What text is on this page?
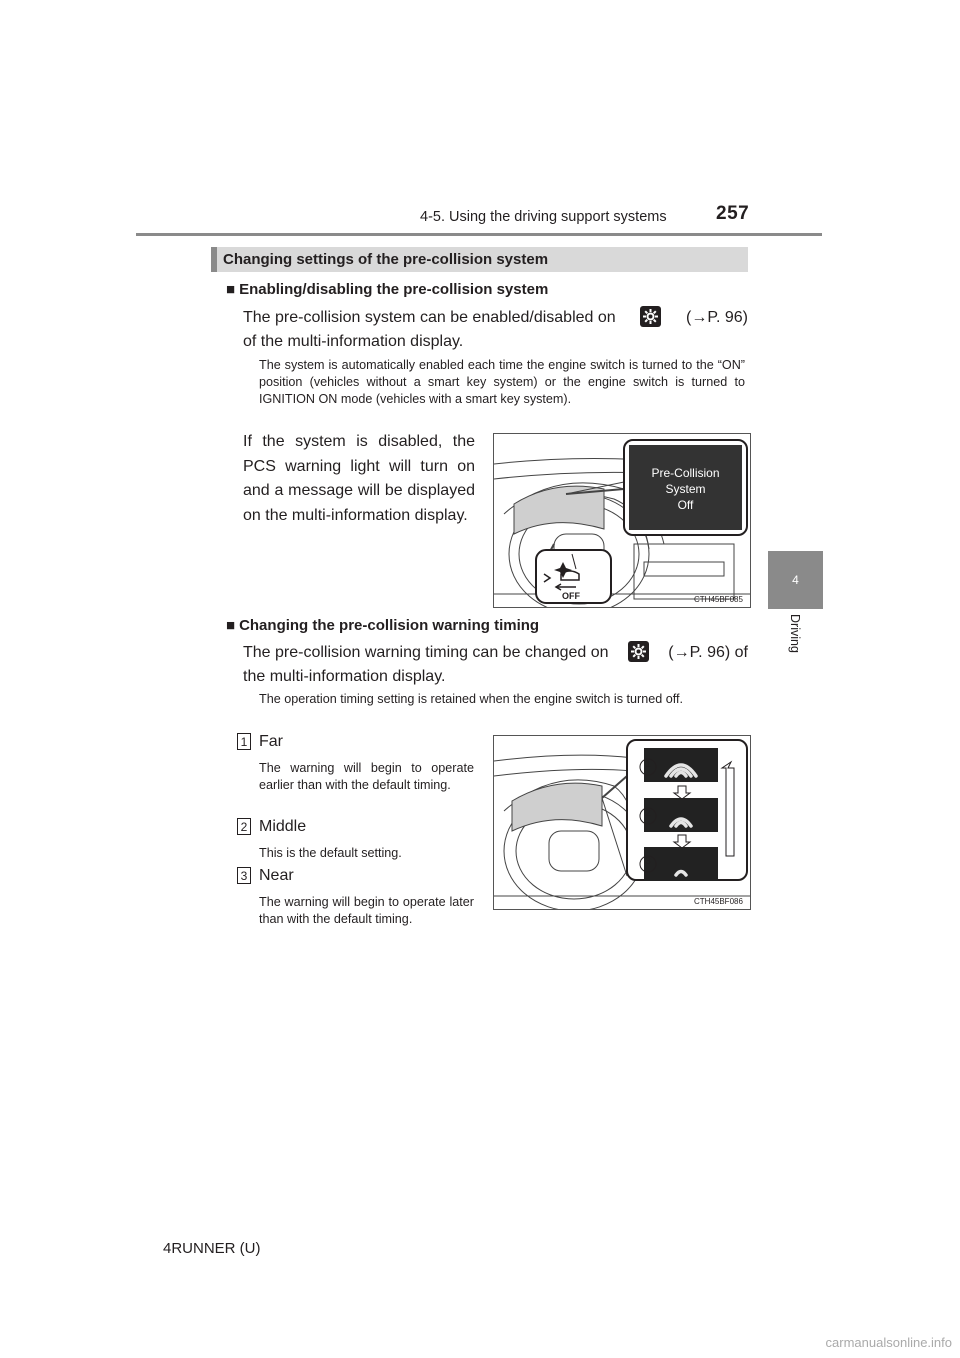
4-5. Using the driving support systems	257
4
Driving
Changing settings of the pre-collision system
■ Enabling/disabling the pre-collision system
The pre-collision system can be enabled/disabled on	(→P. 96)
of the multi-information display.
The system is automatically enabled each time the engine switch is turned to the “ON” position (vehicles without a smart key system) or the engine switch is turned to IGNITION ON mode (vehicles with a smart key system).
If the system is disabled, the PCS warning light will turn on and a message will be displayed on the multi-information display.
Pre-Collision
System
Off
OFF	CTH45BF085
■ Changing the pre-collision warning timing
The pre-collision warning timing can be changed on	(→P. 96) of
the multi-information display.
The operation timing setting is retained when the engine switch is turned off.
1 Far
The warning will begin to operate earlier than with the default timing.
2 Middle
This is the default setting.
3 Near
The warning will begin to operate later than with the default timing.
1
2
3
CTH45BF086
4RUNNER (U)
carmanualsonline.info
